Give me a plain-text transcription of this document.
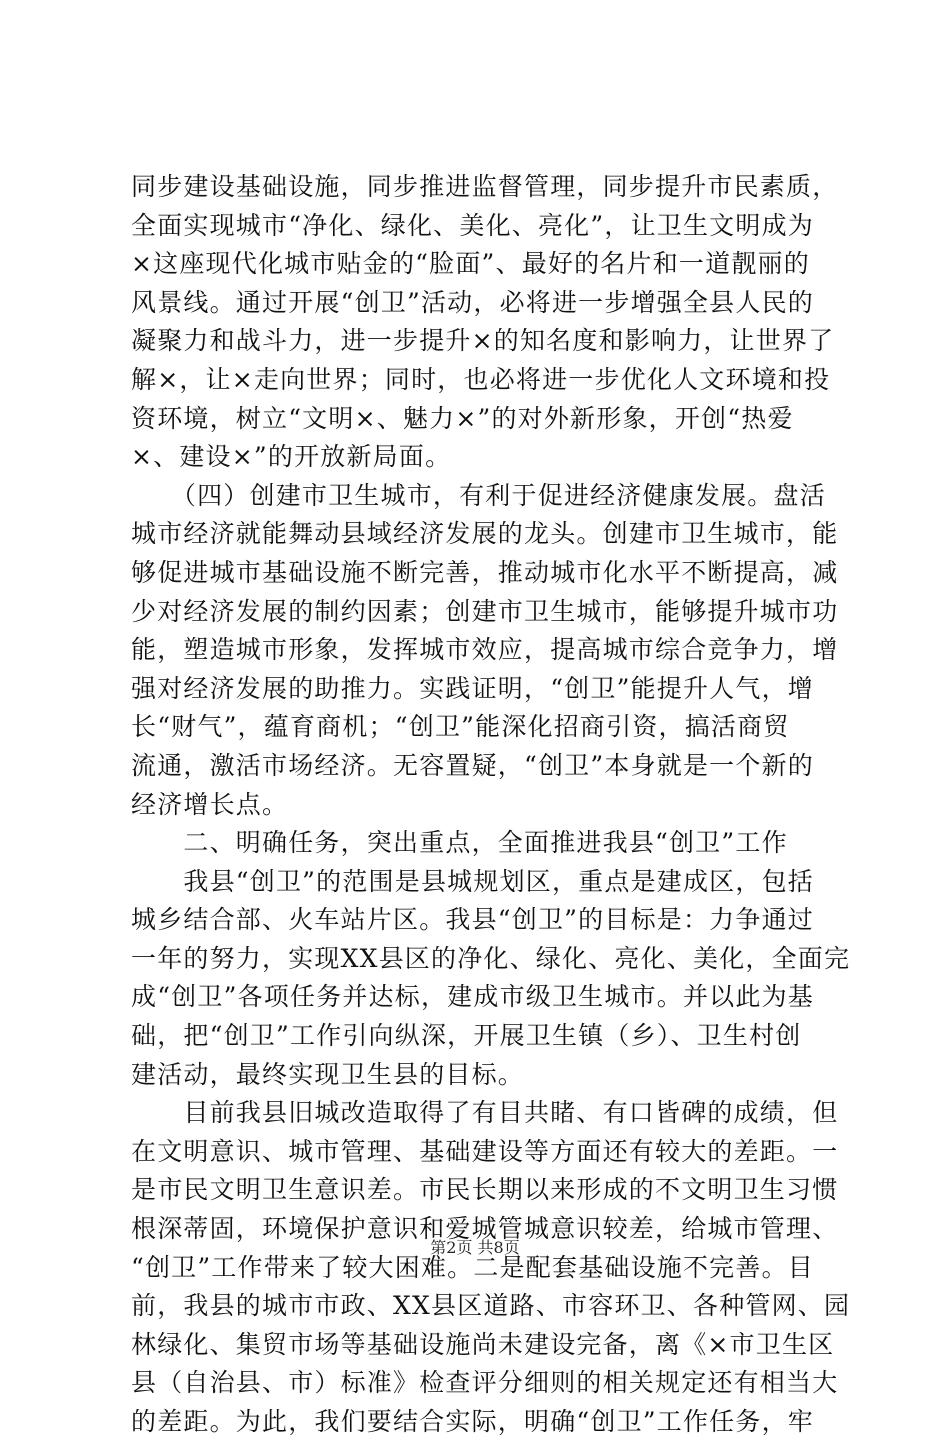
同步建设基础设施，同步推进监督管理，同步提升市民素质，
全面实现城市“净化、绿化、美化、亮化”，让卫生文明成为
×这座现代化城市贴金的“脸面”、最好的名片和一道靓丽的
风景线。通过开展“创卫”活动，必将进一步增强全县人民的
凝聚力和战斗力，进一步提升×的知名度和影响力，让世界了
解×，让×走向世界；同时，也必将进一步优化人文环境和投
资环境，树立“文明×、魅力×”的对外新形象，开创“热爱
×、建设×”的开放新局面。
　　（四）创建市卫生城市，有利于促进经济健康发展。盘活
城市经济就能舞动县域经济发展的龙头。创建市卫生城市，能
够促进城市基础设施不断完善，推动城市化水平不断提高，减
少对经济发展的制约因素；创建市卫生城市，能够提升城市功
能，塑造城市形象，发挥城市效应，提高城市综合竞争力，增
强对经济发展的助推力。实践证明，“创卫”能提升人气，增
长“财气”，蕴育商机；“创卫”能深化招商引资，搞活商贸
流通，激活市场经济。无容置疑，“创卫”本身就是一个新的
经济增长点。
　　二、明确任务，突出重点，全面推进我县“创卫”工作
　　我县“创卫”的范围是县城规划区，重点是建成区，包括
城乡结合部、火车站片区。我县“创卫”的目标是：力争通过
一年的努力，实现XX县区的净化、绿化、亮化、美化，全面完
成“创卫”各项任务并达标，建成市级卫生城市。并以此为基
础，把“创卫”工作引向纵深，开展卫生镇（乡）、卫生村创
建活动，最终实现卫生县的目标。
　　目前我县旧城改造取得了有目共睹、有口皆碑的成绩，但
在文明意识、城市管理、基础建设等方面还有较大的差距。一
是市民文明卫生意识差。市民长期以来形成的不文明卫生习惯
根深蒂固，环境保护意识和爱城管城意识较差，给城市管理、
“创卫”工作带来了较大困难。二是配套基础设施不完善。目
前，我县的城市市政、XX县区道路、市容环卫、各种管网、园
林绿化、集贸市场等基础设施尚未建设完备，离《×市卫生区
县（自治县、市）标准》检查评分细则的相关规定还有相当大
的差距。为此，我们要结合实际，明确“创卫”工作任务，牢
第2页 共8页
